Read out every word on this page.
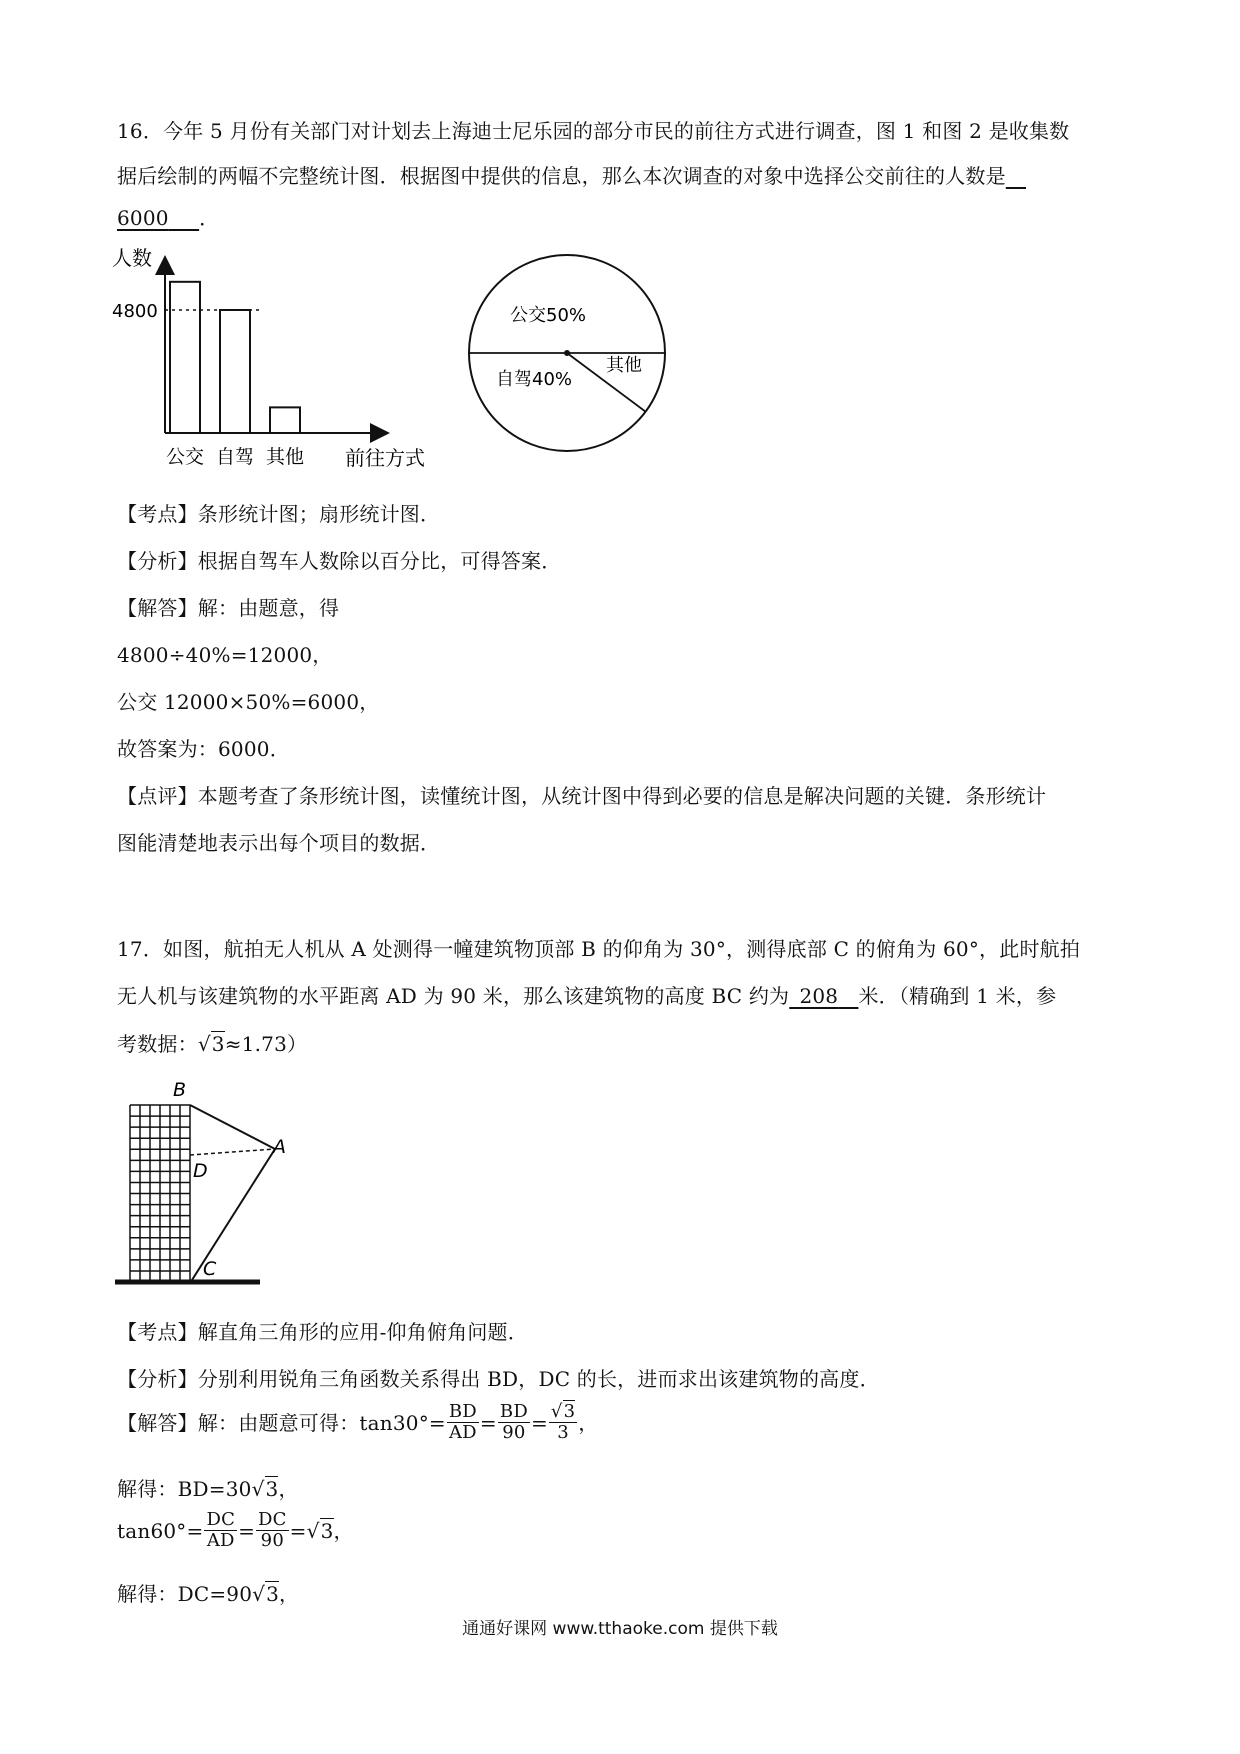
16．今年 5 月份有关部门对计划去上海迪士尼乐园的部分市民的前往方式进行调查，图 1 和图 2 是收集数
据后绘制的两幅不完整统计图．根据图中提供的信息，那么本次调查的对象中选择公交前往的人数是 
6000   ．
人数
4800
公交 自驾 其他 前往方式
公交50%
自驾40%
其他
【考点】条形统计图；扇形统计图．
【分析】根据自驾车人数除以百分比，可得答案．
【解答】解：由题意，得
4800÷40%=12000，
公交 12000×50%=6000，
故答案为：6000．
【点评】本题考查了条形统计图，读懂统计图，从统计图中得到必要的信息是解决问题的关键．条形统计
图能清楚地表示出每个项目的数据．
17．如图，航拍无人机从 A 处测得一幢建筑物顶部 B 的仰角为 30°，测得底部 C 的俯角为 60°，此时航拍
无人机与该建筑物的水平距离 AD 为 90 米，那么该建筑物的高度 BC 约为  208  米．（精确到 1 米，参
考数据：√3≈1.73）
B
A
D
C
【考点】解直角三角形的应用-仰角俯角问题．
【分析】分别利用锐角三角函数关系得出 BD，DC 的长，进而求出该建筑物的高度．
【解答】解：由题意可得：$\tan 30^\circ= \frac{BD}{AD} = \frac{BD}{90} = \frac{√3}{3}$ ，
解得：BD=30√3，
$\tan 60^\circ= \frac{DC}{AD} = \frac{DC}{90} = √3$ ，
解得：DC=90√3，
通通好课网 www.tthaoke.com 提供下载
